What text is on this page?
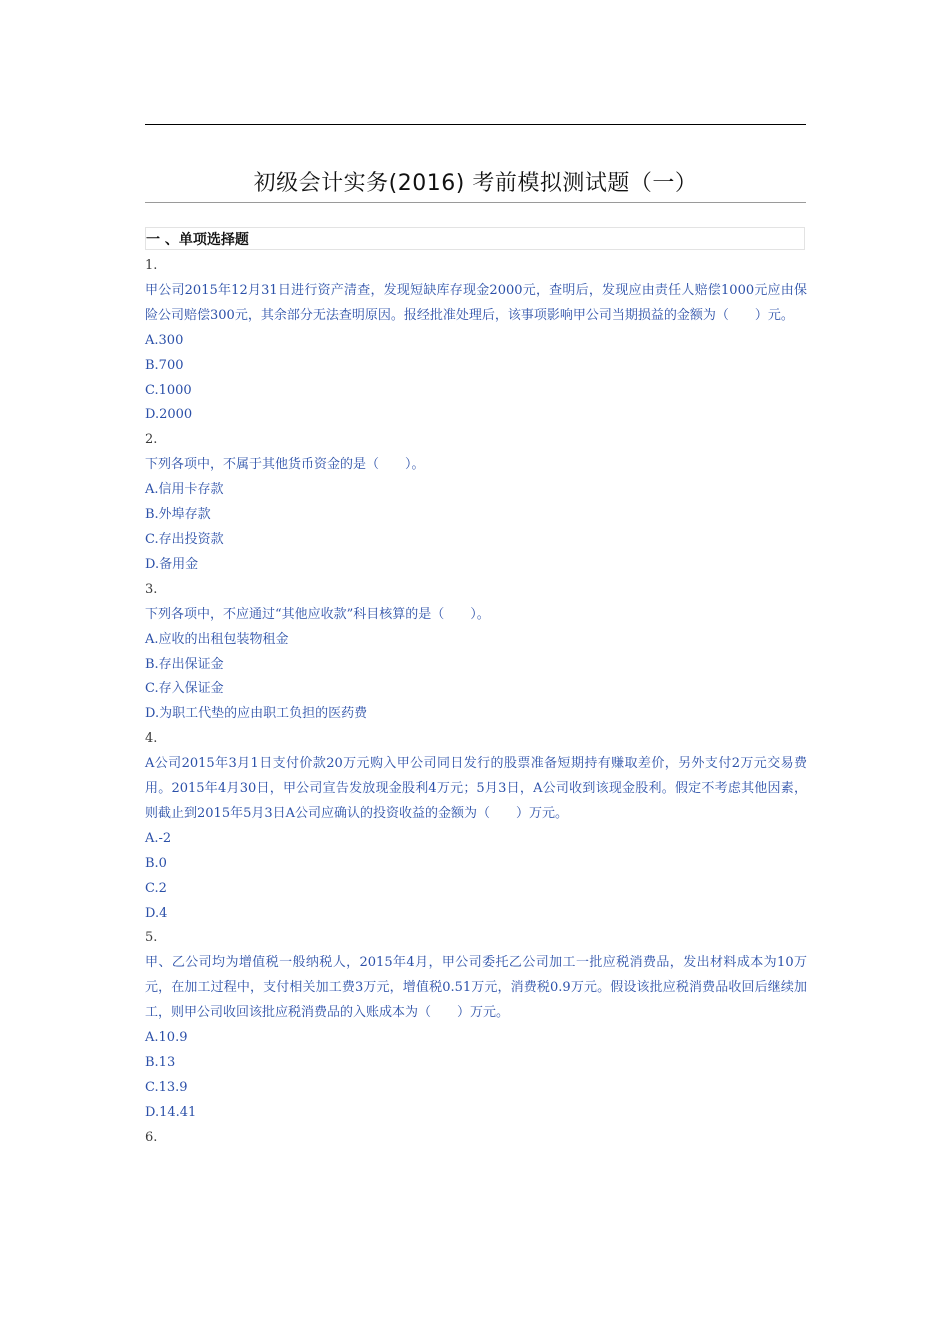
初级会计实务(2016) 考前模拟测试题（一）
一 、单项选择题

1.

甲公司2015年12月31日进行资产清查，发现短缺库存现金2000元，查明后，发现应由责任人赔偿1000元应由保险公司赔偿300元，其余部分无法查明原因。报经批准处理后，该事项影响甲公司当期损益的金额为（　　）元。

A.300

B.700

C.1000

D.2000

2.

下列各项中，不属于其他货币资金的是（　　）。

A.信用卡存款

B.外埠存款

C.存出投资款

D.备用金

3.

下列各项中，不应通过“其他应收款”科目核算的是（　　）。

A.应收的出租包装物租金

B.存出保证金

C.存入保证金

D.为职工代垫的应由职工负担的医药费

4.

A公司2015年3月1日支付价款20万元购入甲公司同日发行的股票准备短期持有赚取差价，另外支付2万元交易费用。2015年4月30日，甲公司宣告发放现金股利4万元；5月3日，A公司收到该现金股利。假定不考虑其他因素，则截止到2015年5月3日A公司应确认的投资收益的金额为（　　）万元。

A.-2

B.0

C.2

D.4

5.

甲、乙公司均为增值税一般纳税人，2015年4月，甲公司委托乙公司加工一批应税消费品，发出材料成本为10万元，在加工过程中，支付相关加工费3万元，增值税0.51万元，消费税0.9万元。假设该批应税消费品收回后继续加工，则甲公司收回该批应税消费品的入账成本为（　　）万元。

A.10.9

B.13

C.13.9

D.14.41

6.
